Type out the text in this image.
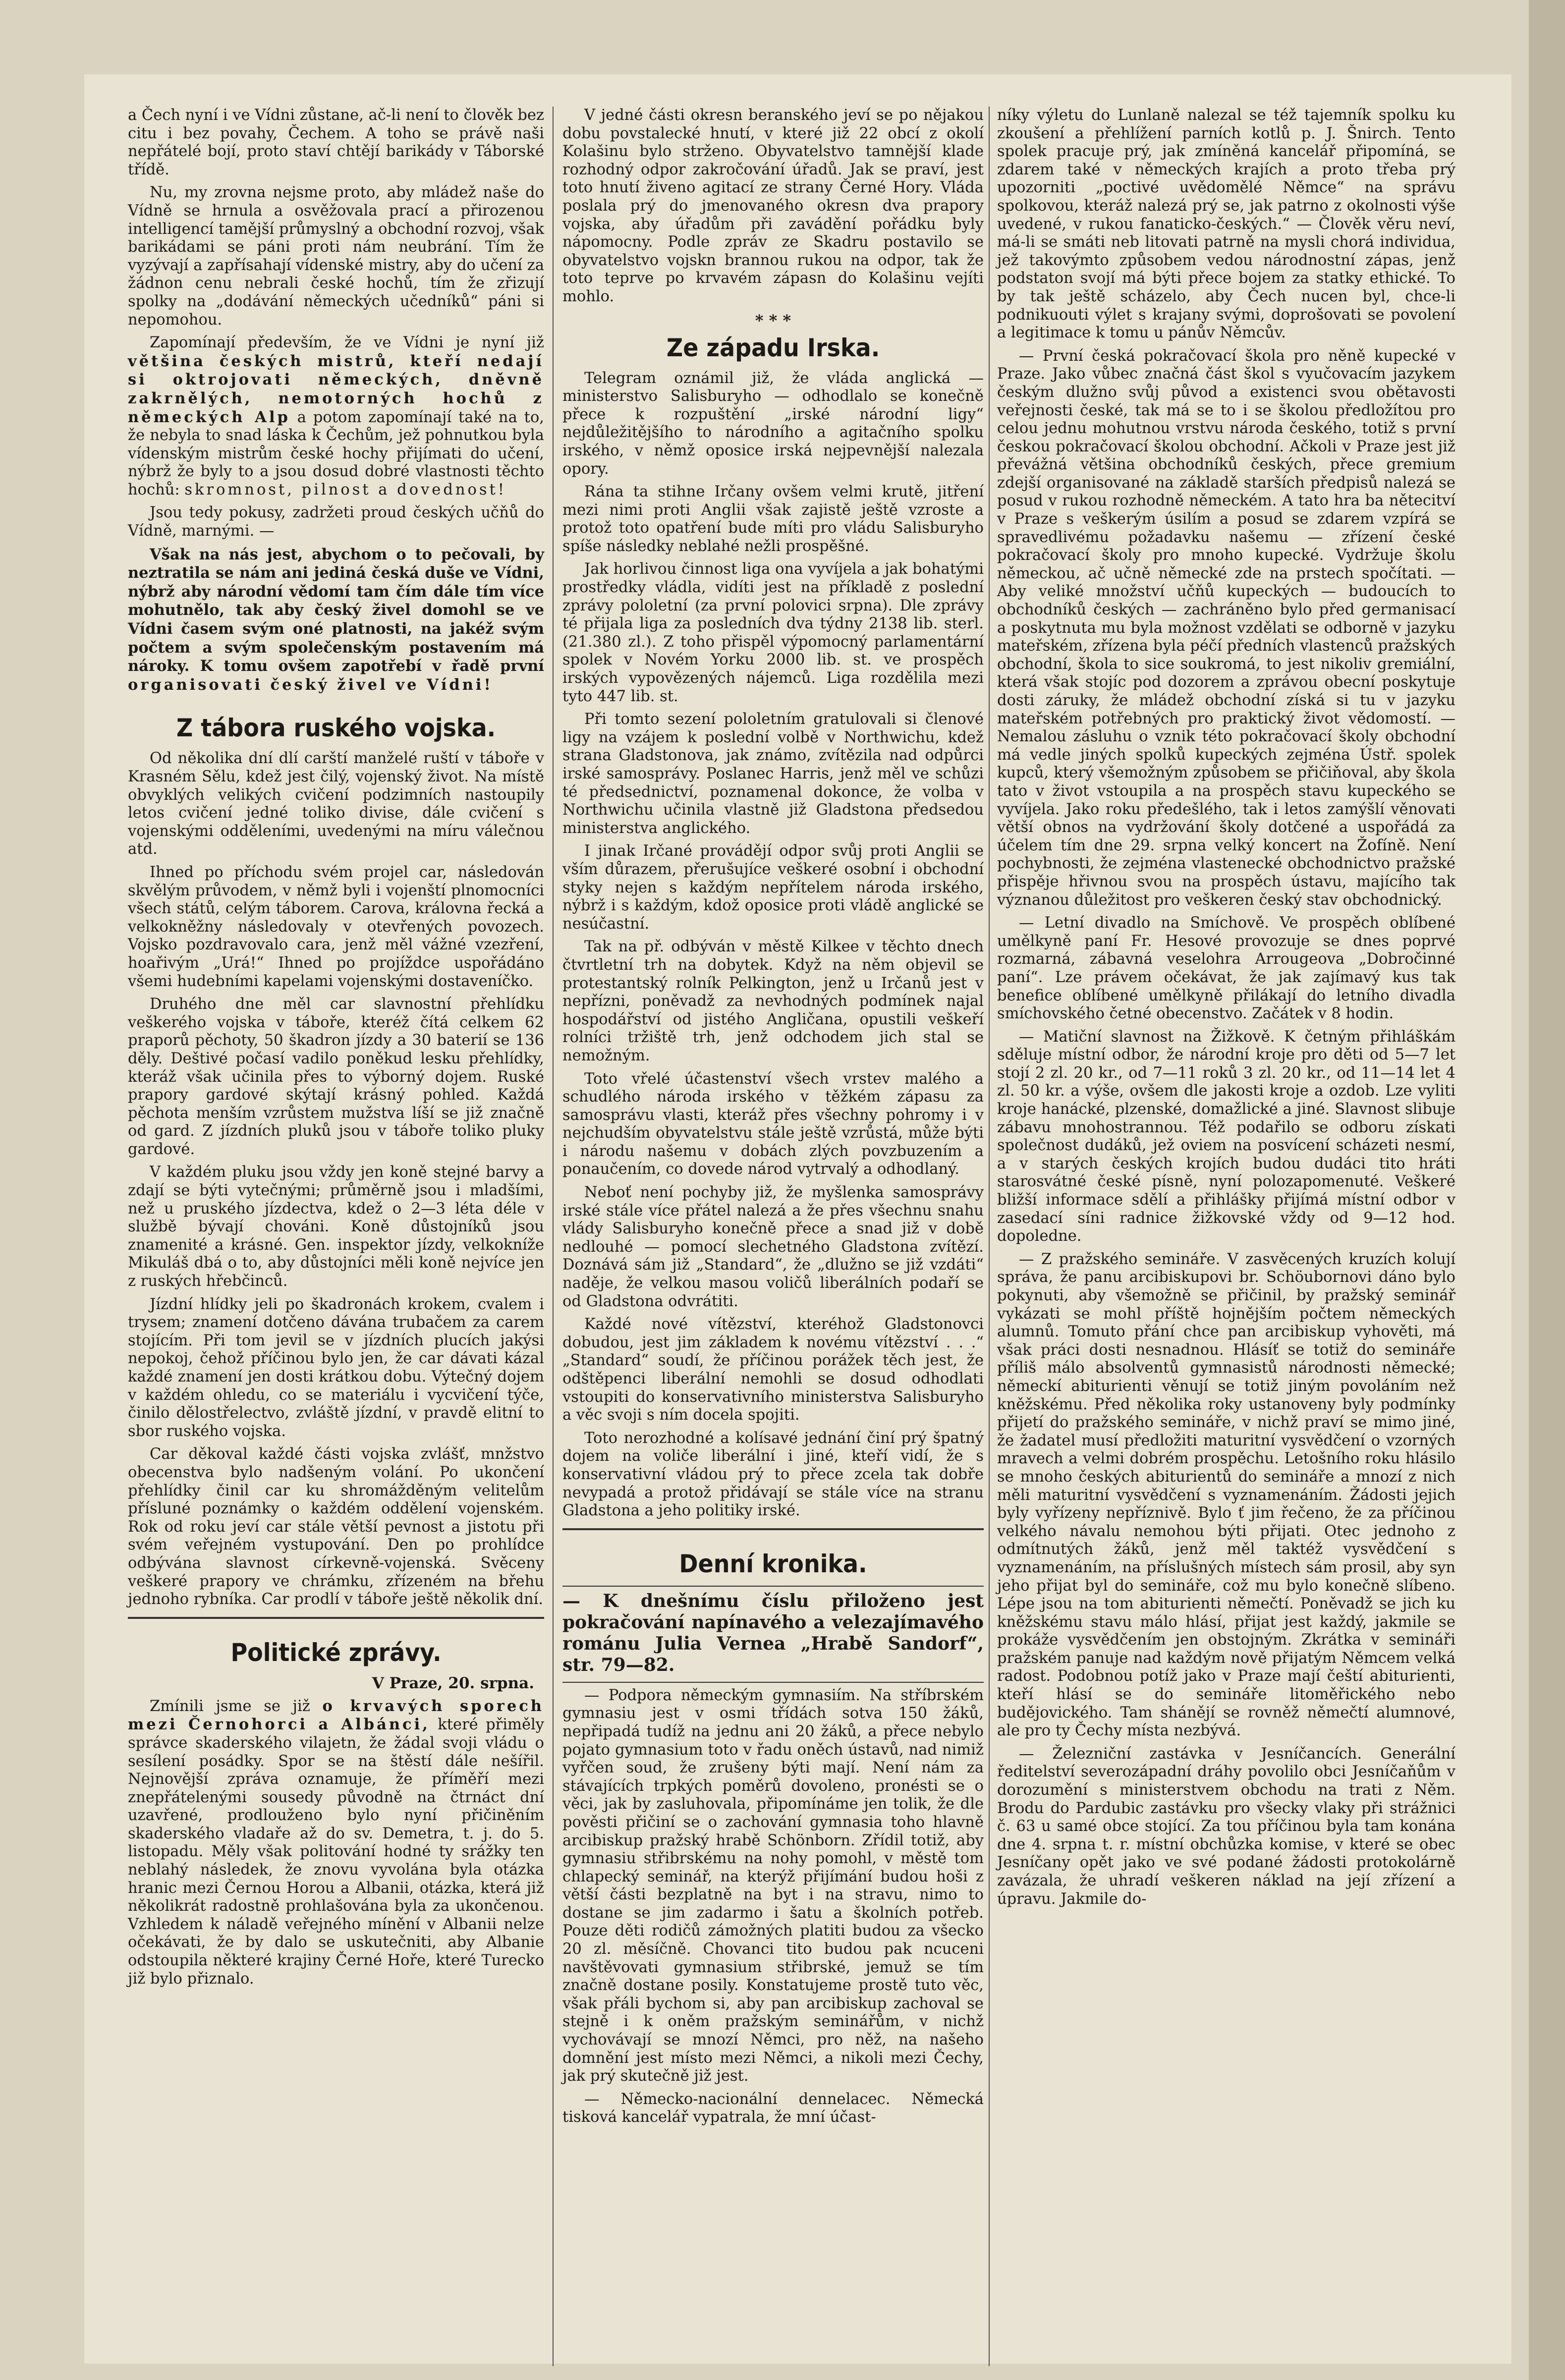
a Čech nyní i ve Vídni zůstane, ač-li není to člověk bez citu i bez povahy, Čechem. A toho se právě naši nepřátelé bojí, proto staví chtějí barikády v Táborské třídě.

Nu, my zrovna nejsme proto, aby mládež naše do Vídně se hrnula a osvěžovala prací a přirozenou intelligencí tamější průmyslný a obchodní rozvoj, však barikádami se páni proti nám neubrání. Tím že vyzývají a zapřísahají vídenské mistry, aby do učení za žádnon cenu nebrali české hochů, tím že zřizují spolky na „dodávání německých učedníků“ páni si nepomohou.

Zapomínají především, že ve Vídni je nyní již většina českých mistrů, kteří nedají si oktrojovati německých, dněvně zakrnělých, nemotorných hochů z německých Alp a potom zapomínají také na to, že nebyla to snad láska k Čechům, jež pohnutkou byla vídenským mistrům české hochy přijímati do učení, nýbrž že byly to a jsou dosud dobré vlastnosti těchto hochů: skromnost, pilnost a dovednost!

Jsou tedy pokusy, zadržeti proud českých učňů do Vídně, marnými. —

Však na nás jest, abychom o to pečovali, by neztratila se nám ani jediná česká duše ve Vídni, nýbrž aby národní vědomí tam čím dále tím více mohutnělo, tak aby český živel domohl se ve Vídni časem svým oné platnosti, na jakéž svým počtem a svým společenským postavením má nároky. K tomu ovšem zapotřebí v řadě první organisovati český živel ve Vídni!

Z tábora ruského vojska.

Od několika dní dlí carští manželé ruští v táboře v Krasném Sělu, kdež jest čilý, vojenský život. Na místě obvyklých velikých cvičení podzimních nastoupily letos cvičení jedné toliko divise, dále cvičení s vojenskými odděleními, uvedenými na míru válečnou atd.

Ihned po příchodu svém projel car, následován skvělým průvodem, v němž byli i vojenští plnomocníci všech států, celým táborem. Carova, královna řecká a velkokněžny následovaly v otevřených povozech. Vojsko pozdravovalo cara, jenž měl vážné vzezření, hoařivým „Urá!“ Ihned po projíždce uspořádáno všemi hudebními kapelami vojenskými dostaveníčko.

Druhého dne měl car slavnostní přehlídku veškerého vojska v táboře, kteréž čítá celkem 62 praporů pěchoty, 50 škadron jízdy a 30 baterií se 136 děly. Deštivé počasí vadilo poněkud lesku přehlídky, kteráž však učinila přes to výborný dojem. Ruské prapory gardové skýtají krásný pohled. Každá pěchota menším vzrůstem mužstva líší se již značně od gard. Z jízdních pluků jsou v táboře toliko pluky gardové.

V každém pluku jsou vždy jen koně stejné barvy a zdají se býti vytečnými; průměrně jsou i mladšími, než u pruského jízdectva, kdež o 2—3 léta déle v službě bývají chováni. Koně důstojníků jsou znamenité a krásné. Gen. inspektor jízdy, velkokníže Mikuláš dbá o to, aby důstojníci měli koně nejvíce jen z ruských hřebčinců.

Jízdní hlídky jeli po škadronách krokem, cvalem i trysem; znamení dotčeno dávána trubačem za carem stojícím. Při tom jevil se v jízdních plucích jakýsi nepokoj, čehož příčinou bylo jen, že car dávati kázal každé znamení jen dosti krátkou dobu. Výtečný dojem v každém ohledu, co se materiálu i vycvičení týče, činilo dělostřelectvo, zvláště jízdní, v pravdě elitní to sbor ruského vojska.

Car děkoval každé části vojska zvlášť, mnžstvo obecenstva bylo nadšeným volání. Po ukončení přehlídky činil car ku shromážděným velitelům přísluné poznámky o každém oddělení vojenském. Rok od roku jeví car stále větší pevnost a jistotu při svém veřejném vystupování. Den po prohlídce odbývána slavnost církevně-vojenská. Svěceny veškeré prapory ve chrámku, zřízeném na břehu jednoho rybníka. Car prodlí v táboře ještě několik dní.

Politické zprávy.
V Praze, 20. srpna.

Zmínili jsme se již o krvavých sporech mezi Černohorci a Albánci, které přiměly správce skaderského vilajetn, že žádal svoji vládu o sesílení posádky. Spor se na štěstí dále nešířil. Nejnovější zpráva oznamuje, že příměří mezi znepřátelenými sousedy původně na čtrnáct dní uzavřené, prodlouženo bylo nyní přičiněním skaderského vladaře až do sv. Demetra, t. j. do 5. listopadu. Měly však politování hodné ty srážky ten neblahý následek, že znovu vyvolána byla otázka hranic mezi Černou Horou a Albanii, otázka, která již několikrát radostně prohlašována byla za ukončenou. Vzhledem k náladě veřejného mínění v Albanii nelze očekávati, že by dalo se uskutečniti, aby Albanie odstoupila některé krajiny Černé Hoře, které Turecko již bylo přiznalo.

V jedné části okresn beranského jeví se po nějakou dobu povstalecké hnutí, v které již 22 obcí z okolí Kolašinu bylo strženo. Obyvatelstvo tamnější klade rozhodný odpor zakročování úřadů. Jak se praví, jest toto hnutí živeno agitací ze strany Černé Hory. Vláda poslala prý do jmenovaného okresn dva prapory vojska, aby úřadům při zavádění pořádku byly nápomocny. Podle zpráv ze Skadru postavilo se obyvatelstvo vojskn brannou rukou na odpor, tak že toto teprve po krvavém zápasn do Kolašinu vejíti mohlo.

* * *
Ze západu Irska.

Telegram oznámil již, že vláda anglická — ministerstvo Salisburyho — odhodlalo se konečně přece k rozpuštění „irské národní ligy“ nejdůležitějšího to národního a agitačního spolku irského, v němž oposice irská nejpevnější nalezala opory.

Rána ta stihne Irčany ovšem velmi krutě, jitření mezi nimi proti Anglii však zajistě ještě vzroste a protož toto opatření bude míti pro vládu Salisburyho spíše následky neblahé nežli prospěšné.

Jak horlivou činnost liga ona vyvíjela a jak bohatými prostředky vládla, vidíti jest na příkladě z poslední zprávy pololetní (za první polovici srpna). Dle zprávy té přijala liga za posledních dva týdny 2138 lib. sterl. (21.380 zl.). Z toho přispěl výpomocný parlamentární spolek v Novém Yorku 2000 lib. st. ve prospěch irských vypovězených nájemců. Liga rozdělila mezi tyto 447 lib. st.

Při tomto sezení pololetním gratulovali si členové ligy na vzájem k poslední volbě v Northwichu, kdež strana Gladstonova, jak známo, zvítězila nad odpůrci irské samosprávy. Poslanec Harris, jenž měl ve schůzi té předsednictví, poznamenal dokonce, že volba v Northwichu učinila vlastně již Gladstona předsedou ministerstva anglického.

I jinak Irčané provádějí odpor svůj proti Anglii se vším důrazem, přerušujíce veškeré osobní i obchodní styky nejen s každým nepřítelem národa irského, nýbrž i s každým, kdož oposice proti vládě anglické se nesúčastní.

Tak na př. odbýván v městě Kilkee v těchto dnech čtvrtletní trh na dobytek. Když na něm objevil se protestantský rolník Pelkington, jenž u Irčanů jest v nepřízni, poněvadž za nevhodných podmínek najal hospodářství od jistého Angličana, opustili veškeří rolníci tržiště trh, jenž odchodem jich stal se nemožným.

Toto vřelé účastenství všech vrstev malého a schudlého národa irského v těžkém zápasu za samosprávu vlasti, kteráž přes všechny pohromy i v nejchudším obyvatelstvu stále ještě vzrůstá, může býti i národu našemu v dobách zlých povzbuzením a ponaučením, co dovede národ vytrvalý a odhodlaný.

Neboť není pochyby již, že myšlenka samosprávy irské stále více přátel nalezá a že přes všechnu snahu vlády Salisburyho konečně přece a snad již v době nedlouhé — pomocí slechetného Gladstona zvítězí. Doznává sám již „Standard“, že „dlužno se již vzdáti“ naděje, že velkou masou voličů liberálních podaří se od Gladstona odvrátiti.

Každé nové vítězství, kteréhož Gladstonovci dobudou, jest jim základem k novému vítězství . . .“ „Standard“ soudí, že příčinou porážek těch jest, že odštěpenci liberální nemohli se dosud odhodlati vstoupiti do konservativního ministerstva Salisburyho a věc svoji s ním docela spojiti.

Toto nerozhodné a kolísavé jednání činí prý špatný dojem na voliče liberální i jiné, kteří vidí, že s konservativní vládou prý to přece zcela tak dobře nevypadá a protož přidávají se stále více na stranu Gladstona a jeho politiky irské.

Denní kronika.

— K dnešnímu číslu přiloženo jest pokračování napínavého a velezajímavého románu Julia Vernea „Hrabě Sandorf“, str. 79—82.

— Podpora německým gymnasiím. Na stříbrském gymnasiu jest v osmi třídách sotva 150 žáků, nepřipadá tudíž na jednu ani 20 žáků, a přece nebylo pojato gymnasium toto v řadu oněch ústavů, nad nimiž vyřčen soud, že zrušeny býti mají. Není nám za stávajících trpkých poměrů dovoleno, pronésti se o věci, jak by zasluhovala, připomínáme jen tolik, že dle pověsti přičiní se o zachování gymnasia toho hlavně arcibiskup pražský hrabě Schönborn. Zřídil totiž, aby gymnasiu střibrskému na nohy pomohl, v městě tom chlapecký seminář, na kterýž přijímání budou hoši z větší části bezplatně na byt i na stravu, nimo to dostane se jim zadarmo i šatu a školních potřeb. Pouze děti rodičů zámožných platiti budou za všecko 20 zl. měsíčně. Chovanci tito budou pak ncuceni navštěvovati gymnasium střibrské, jemuž se tím značně dostane posily. Konstatujeme prostě tuto věc, však přáli bychom si, aby pan arcibiskup zachoval se stejně i k oněm pražským seminářům, v nichž vychovávají se mnozí Němci, pro něž, na našeho domnění jest místo mezi Němci, a nikoli mezi Čechy, jak prý skutečně již jest.

— Německo-nacionální dennelacec. Německá tisková kancelář vypatrala, že mní účast-

níky výletu do Lunlaně nalezal se též tajemník spolku ku zkoušení a přehlížení parních kotlů p. J. Šnirch. Tento spolek pracuje prý, jak zmíněná kancelář připomíná, se zdarem také v německých krajích a proto třeba prý upozorniti „poctivé uvědomělé Němce“ na správu spolkovou, kteráž nalezá prý se, jak patrno z okolnosti výše uvedené, v rukou fanaticko-českých.“ — Člověk věru neví, má-li se smáti neb litovati patrně na mysli chorá individua, jež takovýmto způsobem vedou národnostní zápas, jenž podstaton svojí má býti přece bojem za statky ethické. To by tak ještě scházelo, aby Čech nucen byl, chce-li podnikuouti výlet s krajany svými, doprošovati se povolení a legitimace k tomu u pánův Němcův.

— První česká pokračovací škola pro něně kupecké v Praze. Jako vůbec značná část škol s vyučovacím jazykem českým dlužno svůj původ a existenci svou obětavosti veřejnosti české, tak má se to i se školou předložítou pro celou jednu mohutnou vrstvu národa českého, totiž s první českou pokračovací školou obchodní. Ačkoli v Praze jest již převážná většina obchodníků českých, přece gremium zdejší organisované na základě starších předpisů nalezá se posud v rukou rozhodně německém. A tato hra ba nětecitví v Praze s veškerým úsilím a posud se zdarem vzpírá se spravedlivému požadavku našemu — zřízení české pokračovací školy pro mnoho kupecké. Vydržuje školu německou, ač učně německé zde na prstech spočítati. — Aby veliké množství učňů kupeckých — budoucích to obchodníků českých — zachráněno bylo před germanisací a poskytnuta mu byla možnost vzdělati se odborně v jazyku mateřském, zřízena byla péčí předních vlastenců pražských obchodní, škola to sice soukromá, to jest nikoliv gremiální, která však stojíc pod dozorem a zprávou obecní poskytuje dosti záruky, že mládež obchodní získá si tu v jazyku mateřském potřebných pro praktický život vědomostí. — Nemalou zásluhu o vznik této pokračovací školy obchodní má vedle jiných spolků kupeckých zejména Ústř. spolek kupců, který všemožným způsobem se přičiňoval, aby škola tato v život vstoupila a na prospěch stavu kupeckého se vyvíjela. Jako roku předešlého, tak i letos zamýšlí věnovati větší obnos na vydržování školy dotčené a uspořádá za účelem tím dne 29. srpna velký koncert na Žofíně. Není pochybnosti, že zejména vlastenecké obchodnictvo pražské přispěje hřivnou svou na prospěch ústavu, majícího tak význanou důležitost pro veškeren český stav obchodnický.

— Letní divadlo na Smíchově. Ve prospěch oblíbené umělkyně paní Fr. Hesové provozuje se dnes poprvé rozmarná, zábavná veselohra Arrougeova „Dobročinné paní“. Lze právem očekávat, že jak zajímavý kus tak benefice oblíbené umělkyně přilákají do letního divadla smíchovského četné obecenstvo. Začátek v 8 hodin.

— Matiční slavnost na Žižkově. K četným přihláškám sděluje místní odbor, že národní kroje pro děti od 5—7 let stojí 2 zl. 20 kr., od 7—11 roků 3 zl. 20 kr., od 11—14 let 4 zl. 50 kr. a výše, ovšem dle jakosti kroje a ozdob. Lze vyliti kroje hanácké, plzenské, domažlické a jiné. Slavnost slibuje zábavu mnohostrannou. Též podařilo se odboru získati společnost dudáků, jež oviem na posvícení scházeti nesmí, a v starých českých krojích budou dudáci tito hráti starosvátné české písně, nyní polozapomenuté. Veškeré bližší informace sdělí a přihlášky přijímá místní odbor v zasedací síni radnice žižkovské vždy od 9—12 hod. dopoledne.

— Z pražského semináře. V zasvěcených kruzích kolují správa, že panu arcibiskupovi br. Schöubornovi dáno bylo pokynuti, aby všemožně se přičinil, by pražský seminář vykázati se mohl příště hojnějším počtem německých alumnů. Tomuto přání chce pan arcibiskup vyhověti, má však práci dosti nesnadnou. Hlásíť se totiž do semináře příliš málo absolventů gymnasistů národnosti německé; německí abiturienti věnují se totiž jiným povoláním než kněžskému. Před několika roky ustanoveny byly podmínky přijetí do pražského semináře, v nichž praví se mimo jiné, že žadatel musí předložiti maturitní vysvědčení o vzorných mravech a velmi dobrém prospěchu. Letošního roku hlásilo se mnoho českých abiturientů do semináře a mnozí z nich měli maturitní vysvědčení s vyznamenáním. Žádosti jejich byly vyřízeny nepříznivě. Bylo ť jim řečeno, že za příčinou velkého návalu nemohou býti přijati. Otec jednoho z odmítnutých žáků, jenž měl taktéž vysvědčení s vyznamenáním, na příslušných místech sám prosil, aby syn jeho přijat byl do semináře, což mu bylo konečně slíbeno. Lépe jsou na tom abiturienti němečtí. Poněvadž se jich ku kněžskému stavu málo hlásí, přijat jest každý, jakmile se prokáže vysvědčením jen obstojným. Zkrátka v semináři pražském panuje nad každým nově přijatým Němcem velká radost. Podobnou potíž jako v Praze mají čeští abiturienti, kteří hlásí se do semináře litoměřického nebo budějovického. Tam shánějí se rovněž němečtí alumnové, ale pro ty Čechy místa nezbývá.

— Železniční zastávka v Jesníčancích. Generální ředitelství severozápadní dráhy povolilo obci Jesníčaňům v dorozumění s ministerstvem obchodu na trati z Něm. Brodu do Pardubic zastávku pro všecky vlaky při strážnici č. 63 u samé obce stojící. Za tou příčinou byla tam konána dne 4. srpna t. r. místní obchůzka komise, v které se obec Jesníčany opět jako ve své podané žádosti protokolárně zavázala, že uhradí veškeren náklad na její zřízení a úpravu. Jakmile do-
